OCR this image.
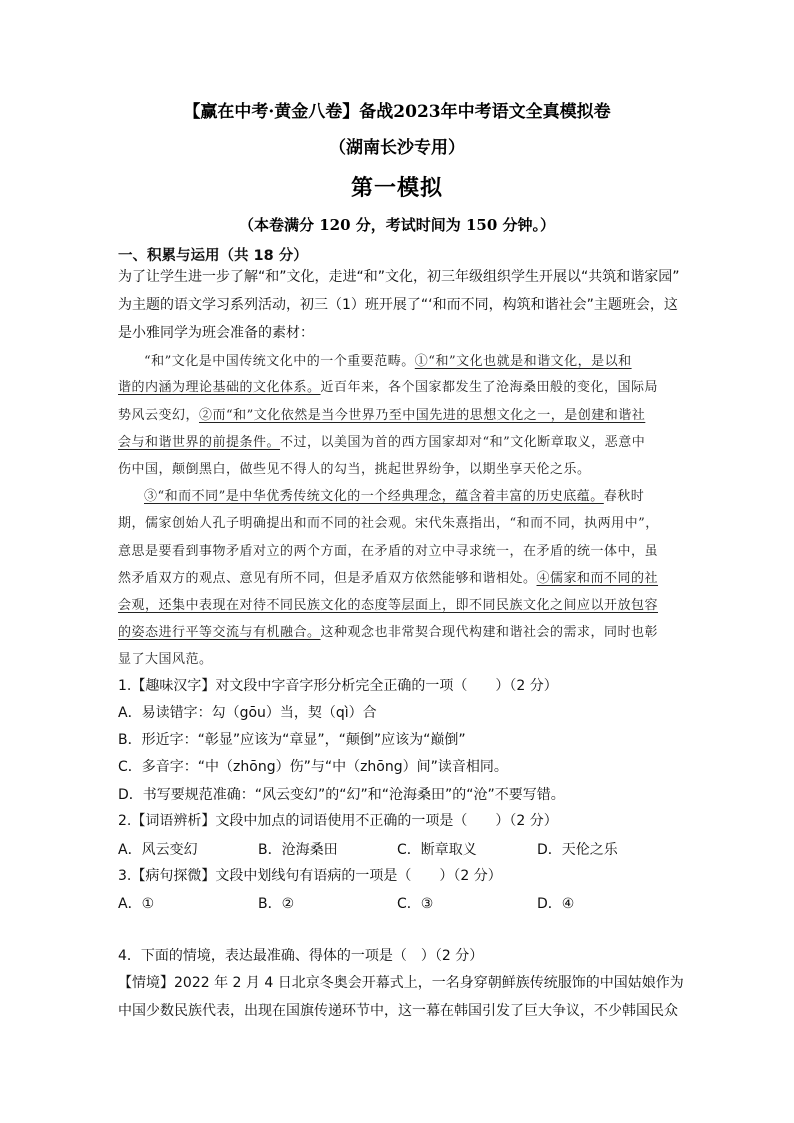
【赢在中考·黄金八卷】备战2023年中考语文全真模拟卷
（湖南长沙专用）
第一模拟
（本卷满分 120 分，考试时间为 150 分钟。）
一、积累与运用（共 18 分）
为了让学生进一步了解“和”文化，走进“和”文化，初三年级组织学生开展以“共筑和谐家园”
为主题的语文学习系列活动，初三（1）班开展了“‘和而不同，构筑和谐社会”主题班会，这
是小雅同学为班会准备的素材：
“和”文化是中国传统文化中的一个重要范畴。①“和”文化也就是和谐文化，是以和
谐的内涵为理论基础的文化体系。近百年来，各个国家都发生了沧海桑田般的变化，国际局
势风云变幻，②而“和”文化依然是当今世界乃至中国先进的思想文化之一，是创建和谐社
会与和谐世界的前提条件。不过，以美国为首的西方国家却对“和”文化断章取义，恶意中
伤中国，颠倒黑白，做些见不得人的勾当，挑起世界纷争，以期坐享天伦之乐。
③“和而不同”是中华优秀传统文化的一个经典理念，蕴含着丰富的历史底蕴。春秋时
期，儒家创始人孔子明确提出和而不同的社会观。宋代朱熹指出，“和而不同，执两用中”，
意思是要看到事物矛盾对立的两个方面，在矛盾的对立中寻求统一，在矛盾的统一体中，虽
然矛盾双方的观点、意见有所不同，但是矛盾双方依然能够和谐相处。④儒家和而不同的社
会观，还集中表现在对待不同民族文化的态度等层面上，即不同民族文化之间应以开放包容
的姿态进行平等交流与有机融合。这种观念也非常契合现代构建和谐社会的需求，同时也彰
显了大国风范。
1.【趣味汉字】对文段中字音字形分析完全正确的一项（　　）（2 分）
A．易读错字：勾（gōu）当，契（qì）合
B．形近字：“彰显”应该为“章显”，“颠倒”应该为“巅倒”
C．多音字：“中（zhōng）伤”与“中（zhōng）间”读音相同。
D．书写要规范准确：“风云变幻”的“幻”和“沧海桑田”的“沧”不要写错。
2.【词语辨析】文段中加点的词语使用不正确的一项是（　　）（2 分）
A．风云变幻	B．沧海桑田	C．断章取义	D．天伦之乐
3.【病句探微】文段中划线句有语病的一项是（　　）（2 分）
A．①	B．②	C．③	D．④
4．下面的情境，表达最准确、得体的一项是（　）（2 分）
【情境】2022 年 2 月 4 日北京冬奥会开幕式上，一名身穿朝鲜族传统服饰的中国姑娘作为
中国少数民族代表，出现在国旗传递环节中，这一幕在韩国引发了巨大争议，不少韩国民众
